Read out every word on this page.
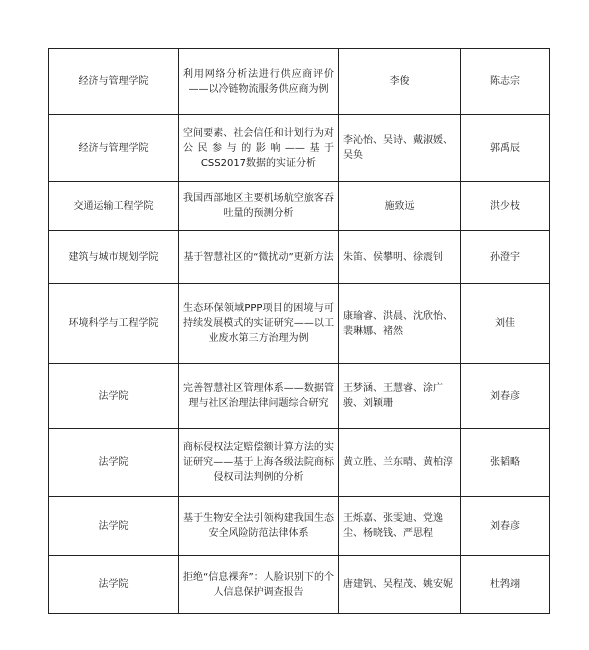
经济与管理学院	利用网络分析法进行供应商评价——以冷链物流服务供应商为例	李俊	陈志宗
经济与管理学院	空间要素、社会信任和计划行为对公民参与的影响——基于CSS2017数据的实证分析	李沁怡、吴诗、戴淑媛、吴奂	郭禹辰
交通运输工程学院	我国西部地区主要机场航空旅客吞吐量的预测分析	施致远	洪少枝
建筑与城市规划学院	基于智慧社区的“微扰动”更新方法	朱笛、侯攀明、徐震钊	孙澄宇
环境科学与工程学院	生态环保领域PPP项目的困境与可持续发展模式的实证研究——以工业废水第三方治理为例	康瑜睿、洪晨、沈欣怡、裴琳娜、褚然	刘佳
法学院	完善智慧社区管理体系——数据管理与社区治理法律问题综合研究	王梦涵、王慧睿、涂广骏、刘颖珊	刘春彦
法学院	商标侵权法定赔偿额计算方法的实证研究——基于上海各级法院商标侵权司法判例的分析	黄立胜、兰东晴、黄柏淳	张韬略
法学院	基于生物安全法引领构建我国生态安全风险防范法律体系	王烁嘉、张雯迪、党逸尘、杨晓钱、严思程	刘春彦
法学院	拒绝“信息裸奔”：人脸识别下的个人信息保护调查报告	唐建钒、吴程茂、姚安妮	杜鹁翊
